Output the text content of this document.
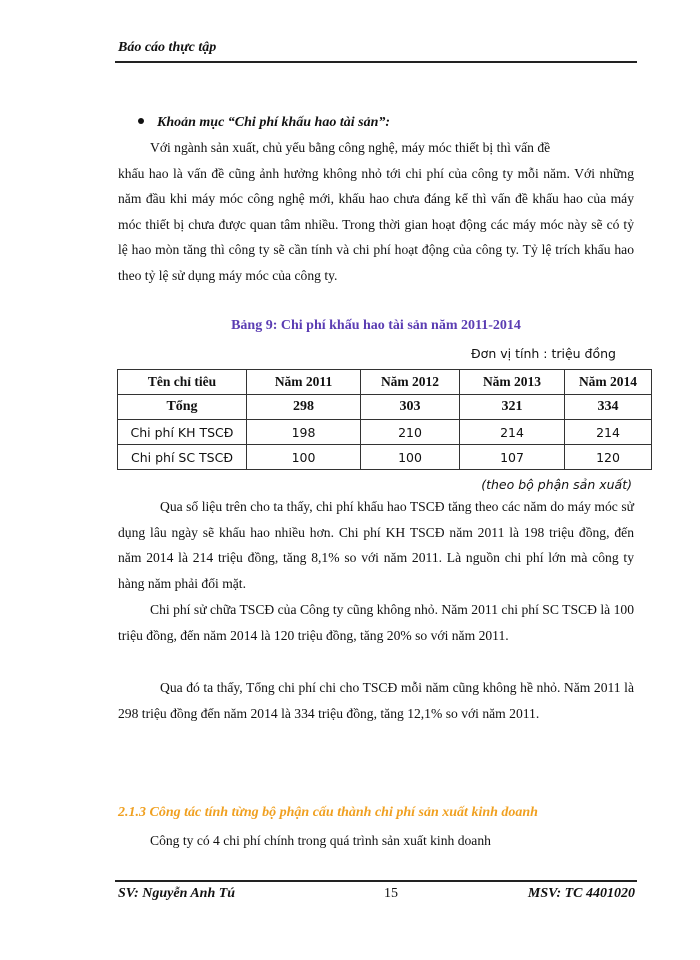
Báo cáo thực tập
Khoản mục “Chi phí khấu hao tài sản”:

Với ngành sản xuất, chủ yếu bằng công nghệ, máy móc thiết bị thì vấn đề

khấu hao là vấn đề cũng ảnh hưởng không nhỏ tới chi phí của công ty mỗi năm. Với những năm đầu khi máy móc công nghệ mới, khấu hao chưa đáng kể thì vấn đề khấu hao của máy móc thiết bị chưa được quan tâm nhiều. Trong thời gian hoạt động các máy móc này sẽ có tỷ lệ hao mòn tăng thì công ty sẽ cần tính và chi phí hoạt động của công ty. Tỷ lệ trích khấu hao theo tỷ lệ sử dụng máy móc của công ty.

Bảng 9: Chi phí khấu hao tài sản năm 2011-2014
Đơn vị tính : triệu đồng
Tên chỉ tiêu	Năm 2011	Năm 2012	Năm 2013	Năm 2014
Tổng	298	303	321	334
Chi phí KH TSCĐ	198	210	214	214
Chi phí SC TSCĐ	100	100	107	120
(theo bộ phận sản xuất)

Qua số liệu trên cho ta thấy, chi phí khấu hao TSCĐ tăng theo các năm do máy móc sử dụng lâu ngày sẽ khấu hao nhiều hơn. Chi phí KH TSCĐ năm 2011 là 198 triệu đồng, đến năm 2014 là 214 triệu đồng, tăng 8,1% so với năm 2011. Là nguồn chi phí lớn mà công ty hàng năm phải đối mặt.

Chi phí sử chữa TSCĐ của Công ty cũng không nhỏ. Năm 2011 chi phí SC TSCĐ là 100 triệu đồng, đến năm 2014 là 120 triệu đồng, tăng 20% so với năm 2011.

Qua đó ta thấy, Tổng chi phí chi cho TSCĐ mỗi năm cũng không hề nhỏ. Năm 2011 là 298 triệu đồng đến năm 2014 là 334 triệu đồng, tăng 12,1% so với năm 2011.

2.1.3 Công tác tính từng bộ phận cấu thành chi phí sản xuất kinh doanh
Công ty có 4 chi phí chính trong quá trình sản xuất kinh doanh
SV: Nguyễn Anh Tú	15	MSV: TC 4401020
